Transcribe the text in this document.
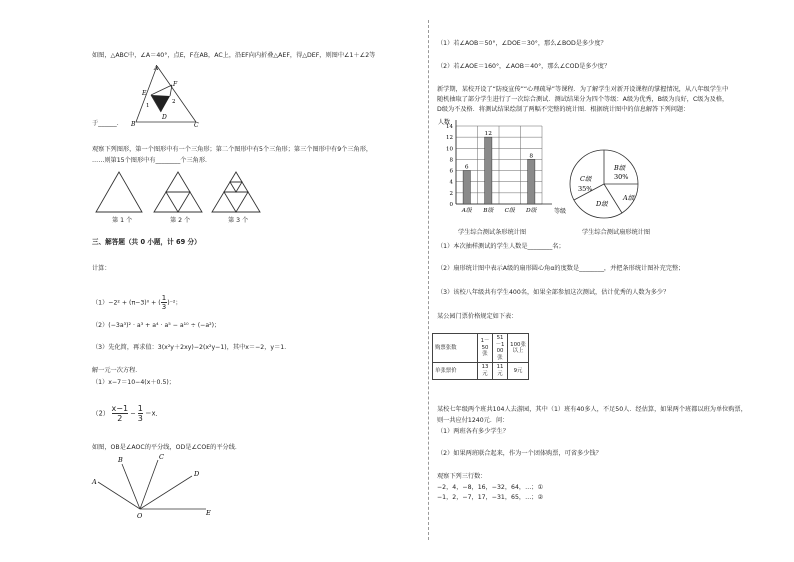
如图，△ABC中，∠A＝40°，点E，F在AB，AC上，沿EF向内折叠△AEF，得△DEF，则图中∠1＋∠2等
A
E
F
1
2
D
B	C
于______．
观察下列图形，第一个图形中有一个三角形；第二个图形中有5个三角形；第三个图形中有9个三角形，
……则第15个图形中有________个三角形．
第 1 个	第 2 个	第 3 个
三、解答题（共 0 小题，计 69 分）
计算：
（1）−2² + (π−3)⁰ + ( $\frac{1}{3} )^{-2}$；
（2）(−3a³)² · a³ + a⁴ · a⁵ − a¹⁰ ÷ (−a²)；
（3）先化简，再求值：3(x²y＋2xy)−2(x²y−1)，其中x＝−2，y＝1．
解一元一次方程．
（1）x−7＝10−4(x＋0.5)；
$(2) \frac{x-1}{2} - \frac{1}{3} =x$．
如图，OB是∠AOC的平分线，OD是∠COE的平分线．
A
B	C
D
E
O
（1）若∠AOB＝50°，∠DOE＝30°，那么∠BOD是多少度？
（2）若∠AOE＝160°，∠AOB＝40°，那么∠COD是多少度？
新学期，某校开设了“防疫宣传”“心理疏导”等课程．为了解学生对新开设课程的掌握情况，从八年级学生中
随机抽取了部分学生进行了一次综合测试．测试结果分为四个等级：A级为优秀，B级为良好，C级为及格，
D级为不及格．将测试结果绘制了两幅不完整的统计图．根据统计图中的信息解答下列问题：
0
2
4
6
8
10
12
14
人数
等级
A级
6
B级
12
C级 D级
8
学生综合测试条形统计图
B级
30%
C级
35%
D级
A级
学生综合测试扇形统计图
（1）本次抽样测试的学生人数是________名；
（2）扇形统计图中表示A级的扇形圆心角α的度数是________，并把条形统计图补充完整；
（3）该校八年级共有学生400名，如果全部参加这次测试，估计优秀的人数为多少？
某公园门票价格规定如下表：
购票张数	1－50张	51－100张	100张以上
单张票价	13元	11元	9元
某校七年级两个班共104人去游园，其中（1）班有40多人，不足50人．经估算，如果两个班都以班为单位购票，
则一共应付1240元．问：
（1）两班各有多少学生？
（2）如果两班联合起来，作为一个团体购票，可省多少钱？
观察下列三行数：
−2，4，−8，16，−32，64，…；①
−1，2，−7，17，−31，65，…；②
